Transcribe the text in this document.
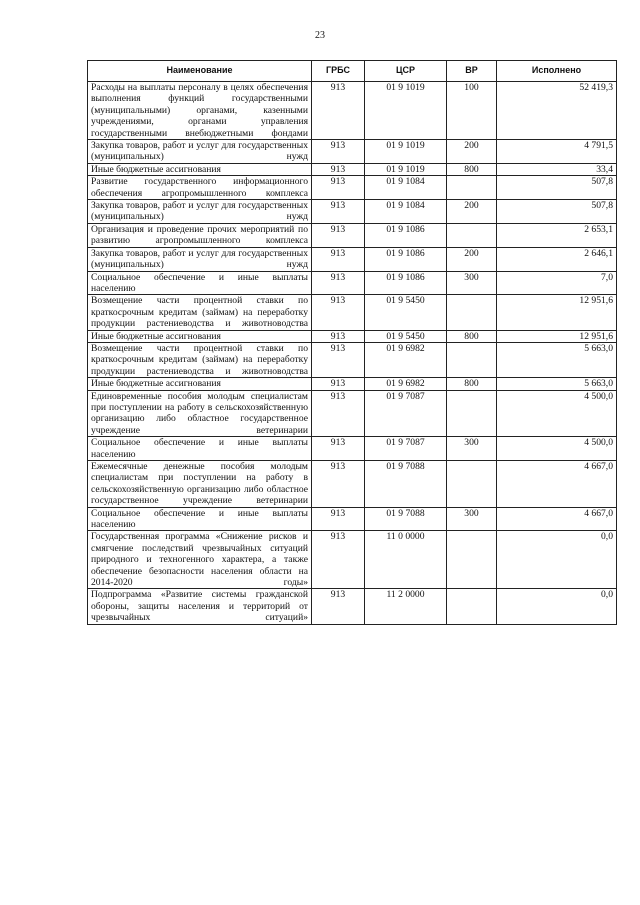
23
Наименование	ГРБС	ЦСР	ВР	Исполнено
Расходы на выплаты персоналу в целях обеспечения выполнения функций государственными (муниципальными) органами, казенными учреждениями, органами управления государственными внебюджетными фондами	913	01 9 1019	100	52 419,3
Закупка товаров, работ и услуг для государственных (муниципальных) нужд	913	01 9 1019	200	4 791,5
Иные бюджетные ассигнования	913	01 9 1019	800	33,4
Развитие государственного информационного обеспечения агропромышленного комплекса	913	01 9 1084		507,8
Закупка товаров, работ и услуг для государственных (муниципальных) нужд	913	01 9 1084	200	507,8
Организация и проведение прочих мероприятий по развитию агропромышленного комплекса	913	01 9 1086		2 653,1
Закупка товаров, работ и услуг для государственных (муниципальных) нужд	913	01 9 1086	200	2 646,1
Социальное обеспечение и иные выплаты населению	913	01 9 1086	300	7,0
Возмещение части процентной ставки по краткосрочным кредитам (займам) на переработку продукции растениеводства и животноводства	913	01 9 5450		12 951,6
Иные бюджетные ассигнования	913	01 9 5450	800	12 951,6
Возмещение части процентной ставки по краткосрочным кредитам (займам) на переработку продукции растениеводства и животноводства	913	01 9 6982		5 663,0
Иные бюджетные ассигнования	913	01 9 6982	800	5 663,0
Единовременные пособия молодым специалистам при поступлении на работу в сельскохозяйственную организацию либо областное государственное учреждение ветеринарии	913	01 9 7087		4 500,0
Социальное обеспечение и иные выплаты населению	913	01 9 7087	300	4 500,0
Ежемесячные денежные пособия молодым специалистам при поступлении на работу в сельскохозяйственную организацию либо областное государственное учреждение ветеринарии	913	01 9 7088		4 667,0
Социальное обеспечение и иные выплаты населению	913	01 9 7088	300	4 667,0
Государственная программа «Снижение рисков и смягчение последствий чрезвычайных ситуаций природного и техногенного характера, а также обеспечение безопасности населения области на 2014-2020 годы»	913	11 0 0000		0,0
Подпрограмма «Развитие системы гражданской обороны, защиты населения и территорий от чрезвычайных ситуаций»	913	11 2 0000		0,0
